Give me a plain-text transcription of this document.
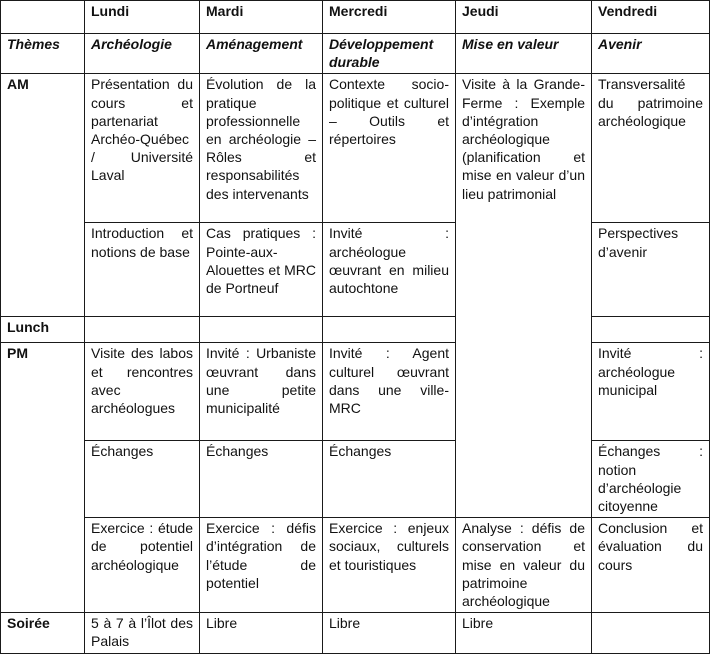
	Lundi	Mardi	Mercredi	Jeudi	Vendredi
Thèmes	Archéologie	Aménagement	Développement durable	Mise en valeur	Avenir
AM	Présentation du cours et partenariat Archéo-Québec / Université Laval	Évolution de la pratique professionnelle en archéologie – Rôles et responsabilités des intervenants	Contexte socio-politique et culturel – Outils et répertoires	Visite à la Grande-Ferme : Exemple d’intégration archéologique (planification et mise en valeur d’un lieu patrimonial	Transversalité du patrimoine archéologique
	Introduction et notions de base	Cas pratiques : Pointe-aux-Alouettes et MRC de Portneuf	Invité : archéologue œuvrant en milieu autochtone		Perspectives d’avenir
Lunch					
PM	Visite des labos et rencontres avec archéologues	Invité : Urbaniste œuvrant dans une petite municipalité	Invité : Agent culturel œuvrant dans une ville-MRC		Invité : archéologue municipal
	Échanges	Échanges	Échanges		Échanges : notion d’archéologie citoyenne
	Exercice : étude de potentiel archéologique	Exercice : défis d’intégration de l’étude de potentiel	Exercice : enjeux sociaux, culturels et touristiques	Analyse : défis de conservation et mise en valeur du patrimoine archéologique	Conclusion et évaluation du cours
Soirée	5 à 7 à l’Îlot des Palais	Libre	Libre	Libre	
